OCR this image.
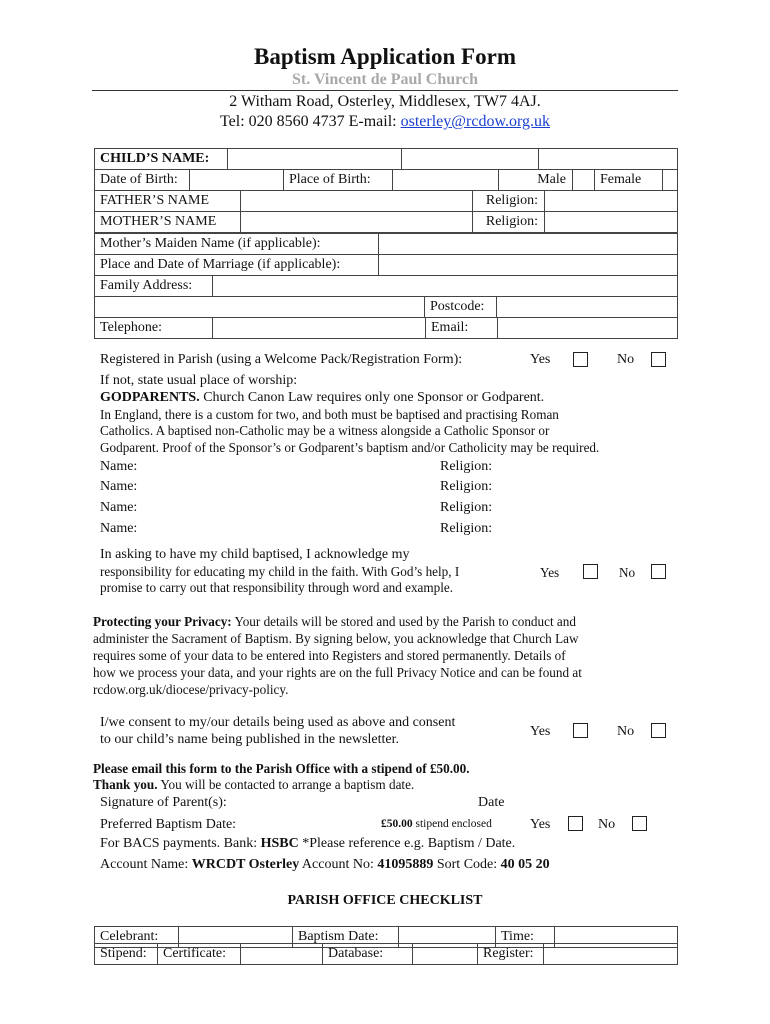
Baptism Application Form
St. Vincent de Paul Church
2 Witham Road, Osterley, Middlesex, TW7 4AJ.
Tel: 020 8560 4737 E-mail: osterley@rcdow.org.uk
CHILD’S NAME:			
Date of Birth:		Place of Birth:		Male		Female	
FATHER’S NAME		Religion:	
MOTHER’S NAME		Religion:	
Mother’s Maiden Name (if applicable):	
Place and Date of Marriage (if applicable):	
Family Address:	
	Postcode:	
Telephone:		Email:	
Registered in Parish (using a Welcome Pack/Registration Form):	Yes	No
If not, state usual place of worship:
GODPARENTS. Church Canon Law requires only one Sponsor or Godparent.
In England, there is a custom for two, and both must be baptised and practising Roman
Catholics. A baptised non-Catholic may be a witness alongside a Catholic Sponsor or
Godparent. Proof of the Sponsor’s or Godparent’s baptism and/or Catholicity may be required.
Name:	Religion:
Name:	Religion:
Name:	Religion:
Name:	Religion:
In asking to have my child baptised, I acknowledge my
responsibility for educating my child in the faith. With God’s help, I
promise to carry out that responsibility through word and example.
Yes	No
Protecting your Privacy: Your details will be stored and used by the Parish to conduct and
administer the Sacrament of Baptism. By signing below, you acknowledge that Church Law
requires some of your data to be entered into Registers and stored permanently. Details of
how we process your data, and your rights are on the full Privacy Notice and can be found at
rcdow.org.uk/diocese/privacy-policy.
I/we consent to my/our details being used as above and consent
to our child’s name being published in the newsletter.
Yes	No
Please email this form to the Parish Office with a stipend of £50.00.
Thank you. You will be contacted to arrange a baptism date.
Signature of Parent(s):	Date
Preferred Baptism Date:	£50.00 stipend enclosed	Yes	No
For BACS payments. Bank: HSBC *Please reference e.g. Baptism / Date.
Account Name: WRCDT Osterley Account No: 41095889 Sort Code: 40 05 20
PARISH OFFICE CHECKLIST
Celebrant:		Baptism Date:		Time:	
Stipend:	Certificate:		Database:		Register:	
